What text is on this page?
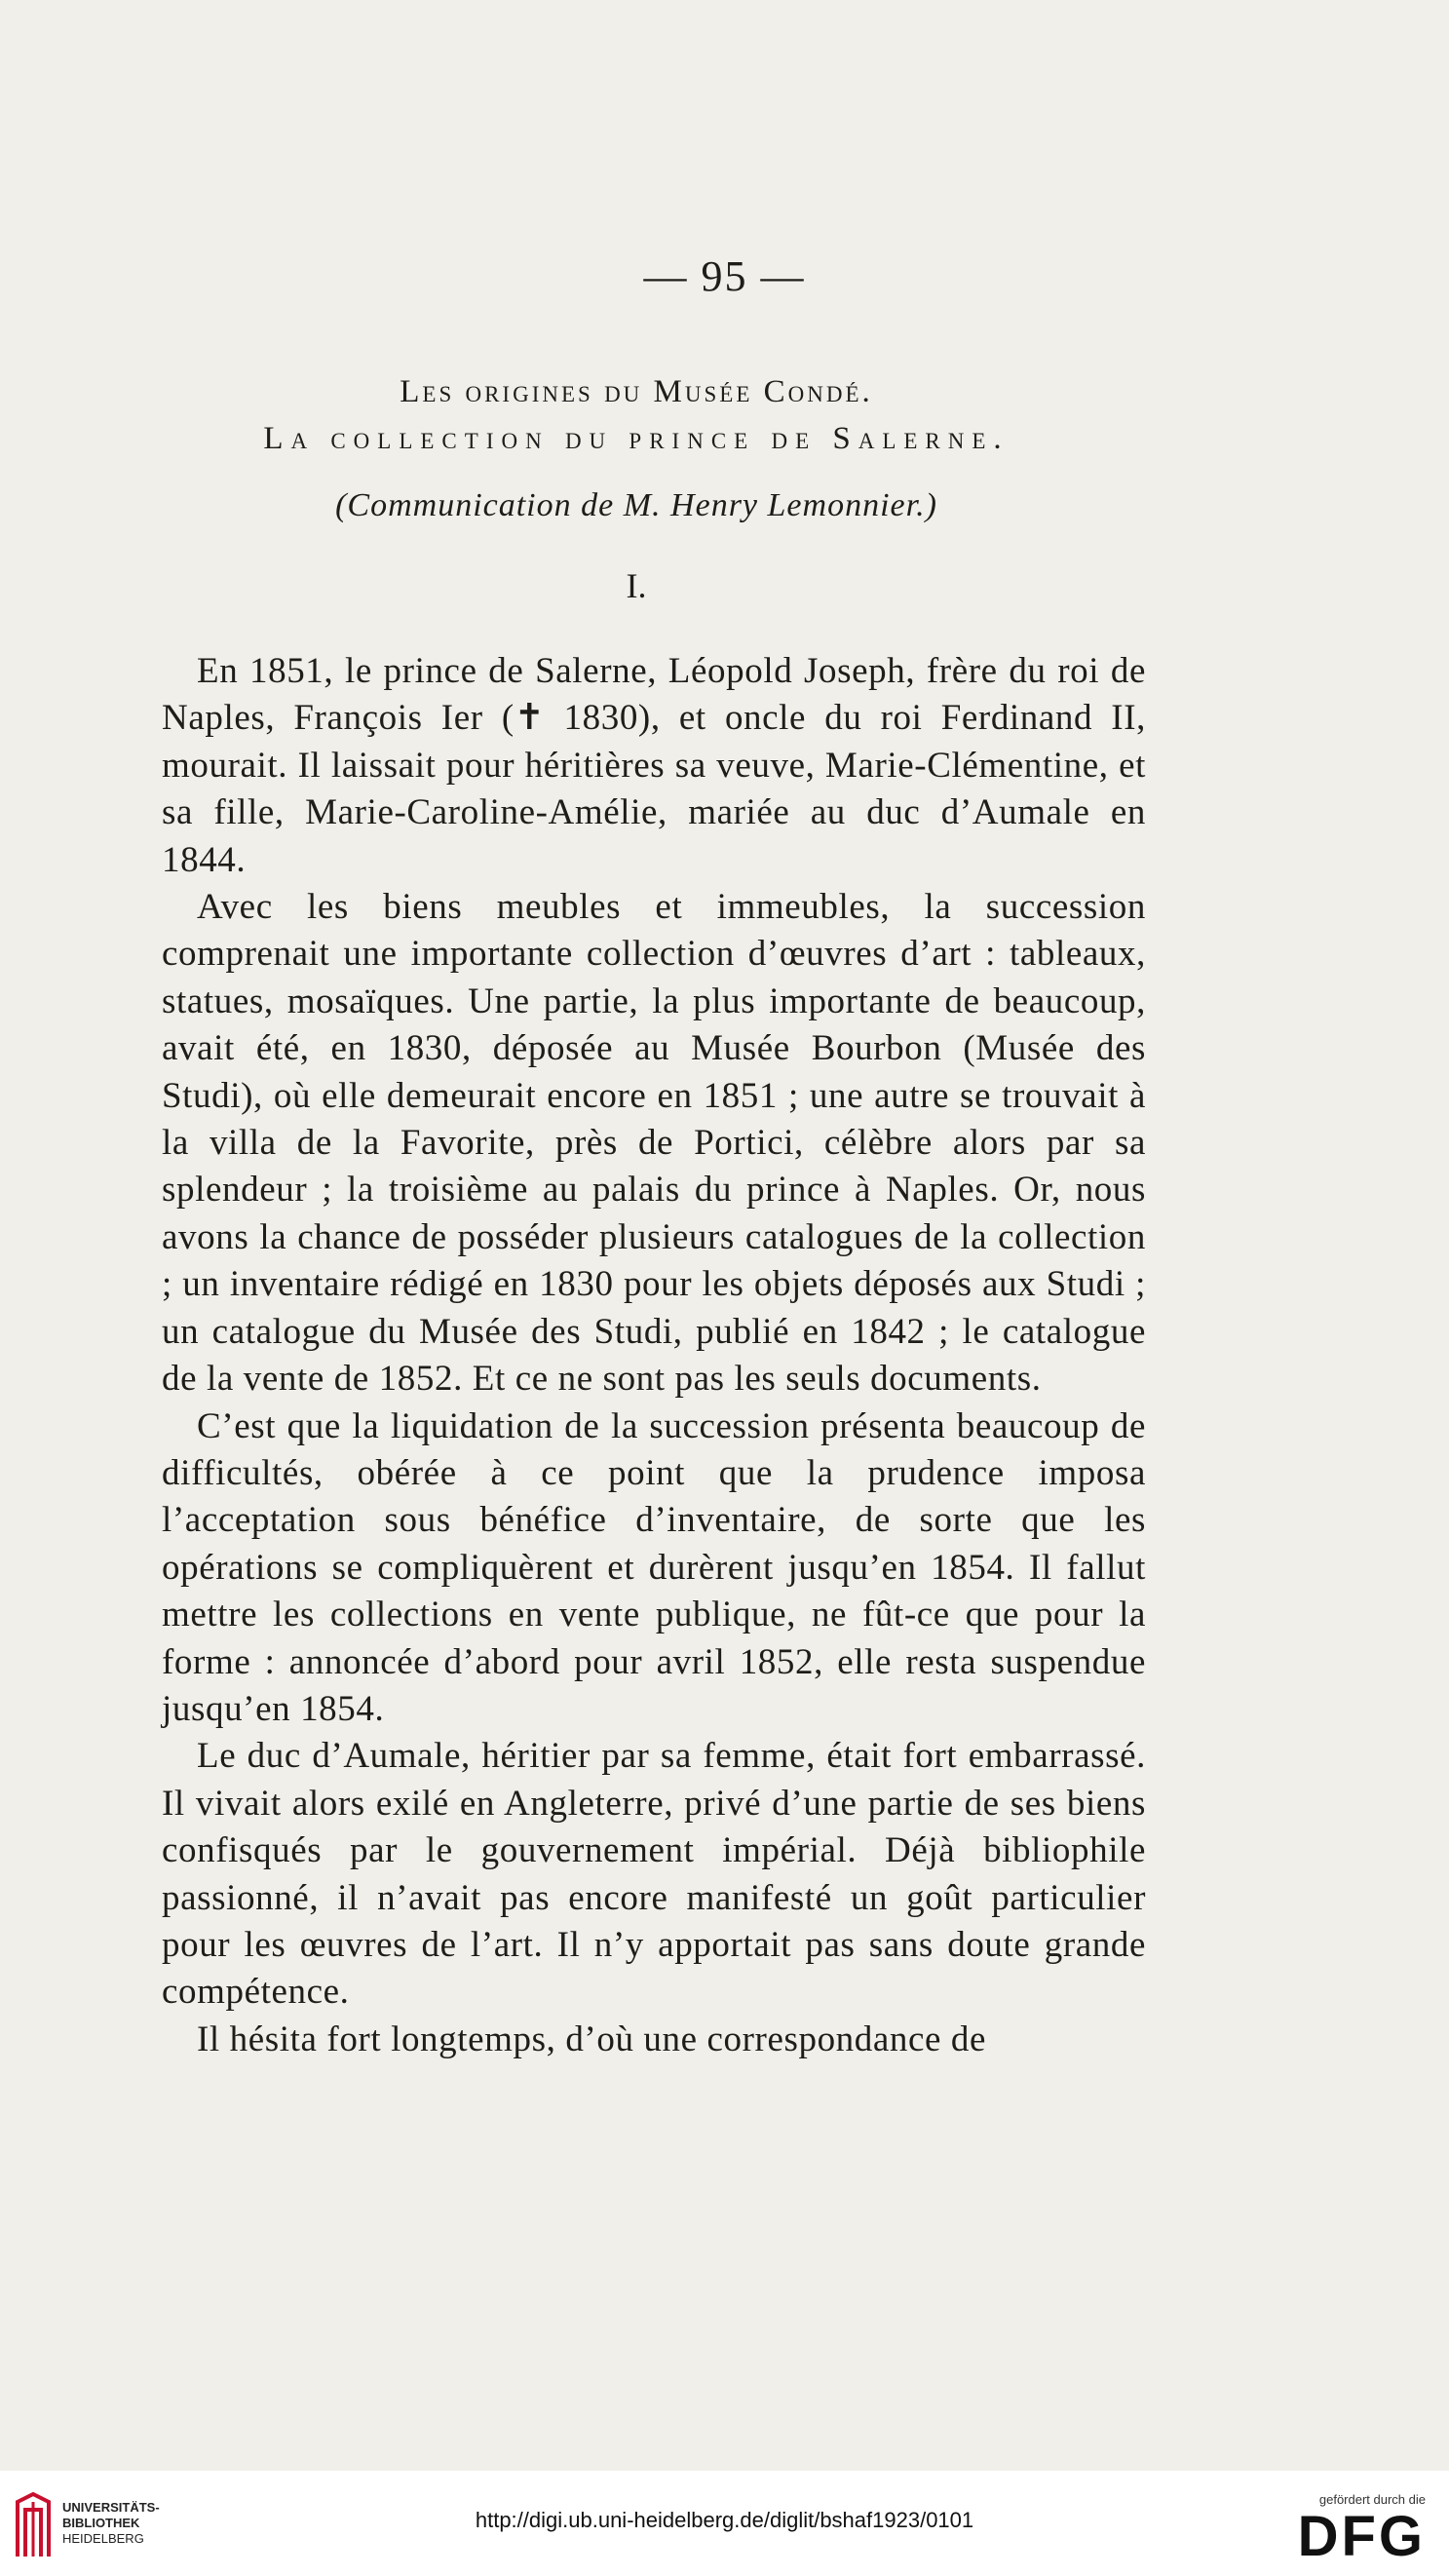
— 95 —
Les origines du Musée Condé.
La collection du prince de Salerne.
(Communication de M. Henry Lemonnier.)
I.

En 1851, le prince de Salerne, Léopold Joseph, frère du roi de Naples, François Ier (✝ 1830), et oncle du roi Ferdinand II, mourait. Il laissait pour héritières sa veuve, Marie-Clémentine, et sa fille, Marie-Caroline-Amélie, mariée au duc d’Aumale en 1844.

Avec les biens meubles et immeubles, la succession comprenait une importante collection d’œuvres d’art : tableaux, statues, mosaïques. Une partie, la plus importante de beaucoup, avait été, en 1830, déposée au Musée Bourbon (Musée des Studi), où elle demeurait encore en 1851 ; une autre se trouvait à la villa de la Favorite, près de Portici, célèbre alors par sa splendeur ; la troisième au palais du prince à Naples. Or, nous avons la chance de posséder plusieurs catalogues de la collection ; un inventaire rédigé en 1830 pour les objets déposés aux Studi ; un catalogue du Musée des Studi, publié en 1842 ; le catalogue de la vente de 1852. Et ce ne sont pas les seuls documents.

C’est que la liquidation de la succession présenta beaucoup de difficultés, obérée à ce point que la prudence imposa l’acceptation sous bénéfice d’inventaire, de sorte que les opérations se compliquèrent et durèrent jusqu’en 1854. Il fallut mettre les collections en vente publique, ne fût-ce que pour la forme : annoncée d’abord pour avril 1852, elle resta suspendue jusqu’en 1854.

Le duc d’Aumale, héritier par sa femme, était fort embarrassé. Il vivait alors exilé en Angleterre, privé d’une partie de ses biens confisqués par le gouvernement impérial. Déjà bibliophile passionné, il n’avait pas encore manifesté un goût particulier pour les œuvres de l’art. Il n’y apportait pas sans doute grande compétence.

Il hésita fort longtemps, d’où une correspondance de

UNIVERSITÄTS-
BIBLIOTHEK
HEIDELBERG
http://digi.ub.uni-heidelberg.de/diglit/bshaf1923/0101
gefördert durch die
DFG
